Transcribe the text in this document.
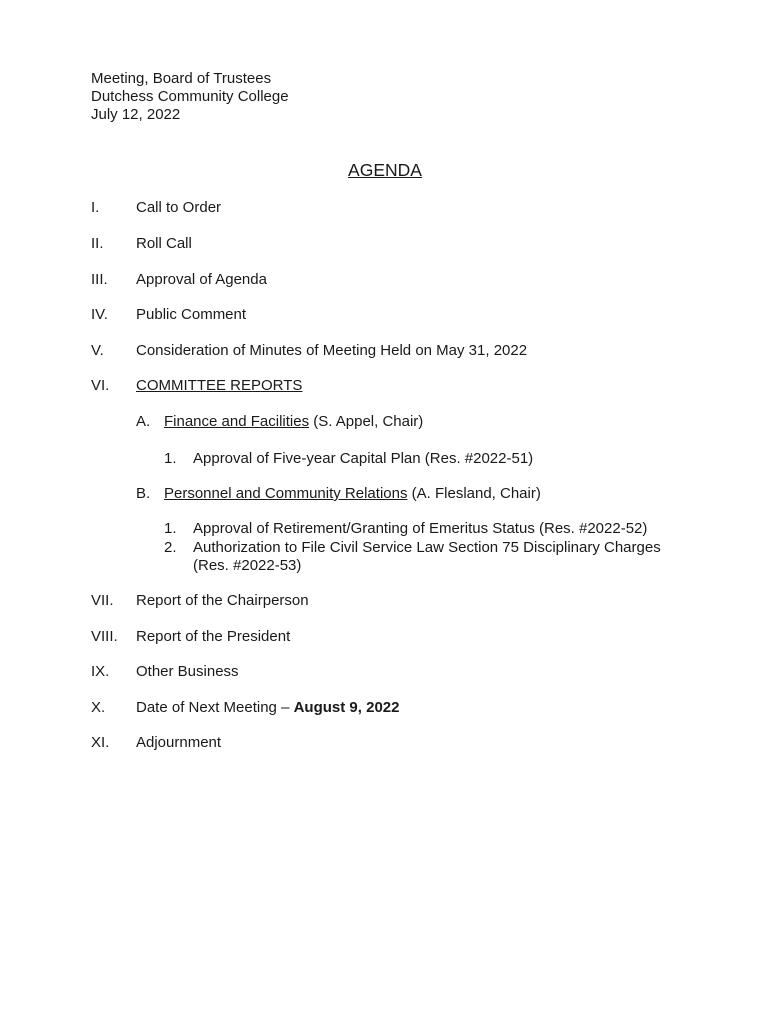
Meeting, Board of Trustees
Dutchess Community College
July 12, 2022
AGENDA
I. Call to Order
II. Roll Call
III. Approval of Agenda
IV. Public Comment
V. Consideration of Minutes of Meeting Held on May 31, 2022
VI. COMMITTEE REPORTS
A. Finance and Facilities (S. Appel, Chair)
1. Approval of Five-year Capital Plan (Res. #2022-51)
B. Personnel and Community Relations (A. Flesland, Chair)
1. Approval of Retirement/Granting of Emeritus Status (Res. #2022-52)
2. Authorization to File Civil Service Law Section 75 Disciplinary Charges
(Res. #2022-53)
VII. Report of the Chairperson
VIII. Report of the President
IX. Other Business
X. Date of Next Meeting – August 9, 2022
XI. Adjournment
